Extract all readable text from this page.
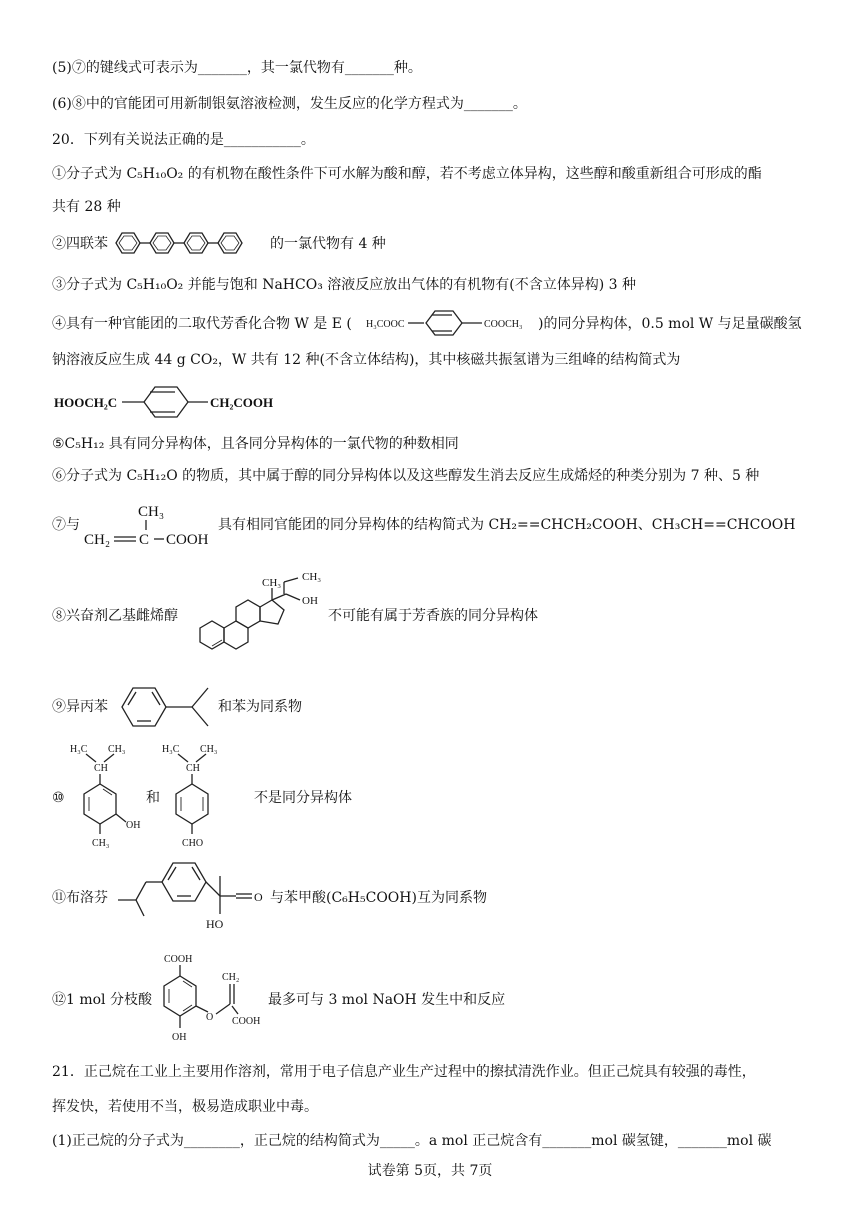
(5)⑦的键线式可表示为_______，其一氯代物有_______种。
(6)⑧中的官能团可用新制银氨溶液检测，发生反应的化学方程式为_______。
20．下列有关说法正确的是___________。
①分子式为 C₅H₁₀O₂ 的有机物在酸性条件下可水解为酸和醇，若不考虑立体异构，这些醇和酸重新组合可形成的酯
共有 28 种
②四联苯	的一氯代物有 4 种
③分子式为 C₅H₁₀O₂ 并能与饱和 NaHCO₃ 溶液反应放出气体的有机物有(不含立体异构) 3 种
④具有一种官能团的二取代芳香化合物 W 是 E ( H₃COOC	COOCH₃ )的同分异构体，0.5 mol W 与足量碳酸氢
钠溶液反应生成 44 g CO₂，W 共有 12 种(不含立体结构)，其中核磁共振氢谱为三组峰的结构简式为
HOOCH₂C	CH₂COOH
⑤C₅H₁₂ 具有同分异构体，且各同分异构体的一氯代物的种数相同
⑥分子式为 C₅H₁₂O 的物质，其中属于醇的同分异构体以及这些醇发生消去反应生成烯烃的种类分别为 7 种、5 种
⑦与
CH₃
CH₂ C COOH
具有相同官能团的同分异构体的结构简式为 CH₂==CHCH₂COOH、CH₃CH==CHCOOH
⑧兴奋剂乙基雌烯醇
CH₃ CH₃
OH
不可能有属于芳香族的同分异构体
⑨异丙苯	和苯为同系物
⑩
H₃C CH₃
CH
OH
CH₃
和
H₃C CH₃
CH
CHO
不是同分异构体
⑪布洛芬	O
HO
与苯甲酸(C₆H₅COOH)互为同系物
⑫1 mol 分枝酸
COOH
O
CH₂
COOH
OH
最多可与 3 mol NaOH 发生中和反应
21．正己烷在工业上主要用作溶剂，常用于电子信息产业生产过程中的擦拭清洗作业。但正己烷具有较强的毒性，
挥发快，若使用不当，极易造成职业中毒。
(1)正己烷的分子式为________，正己烷的结构简式为_____。a mol 正己烷含有_______mol 碳氢键，_______mol 碳
试卷第 5页，共 7页
